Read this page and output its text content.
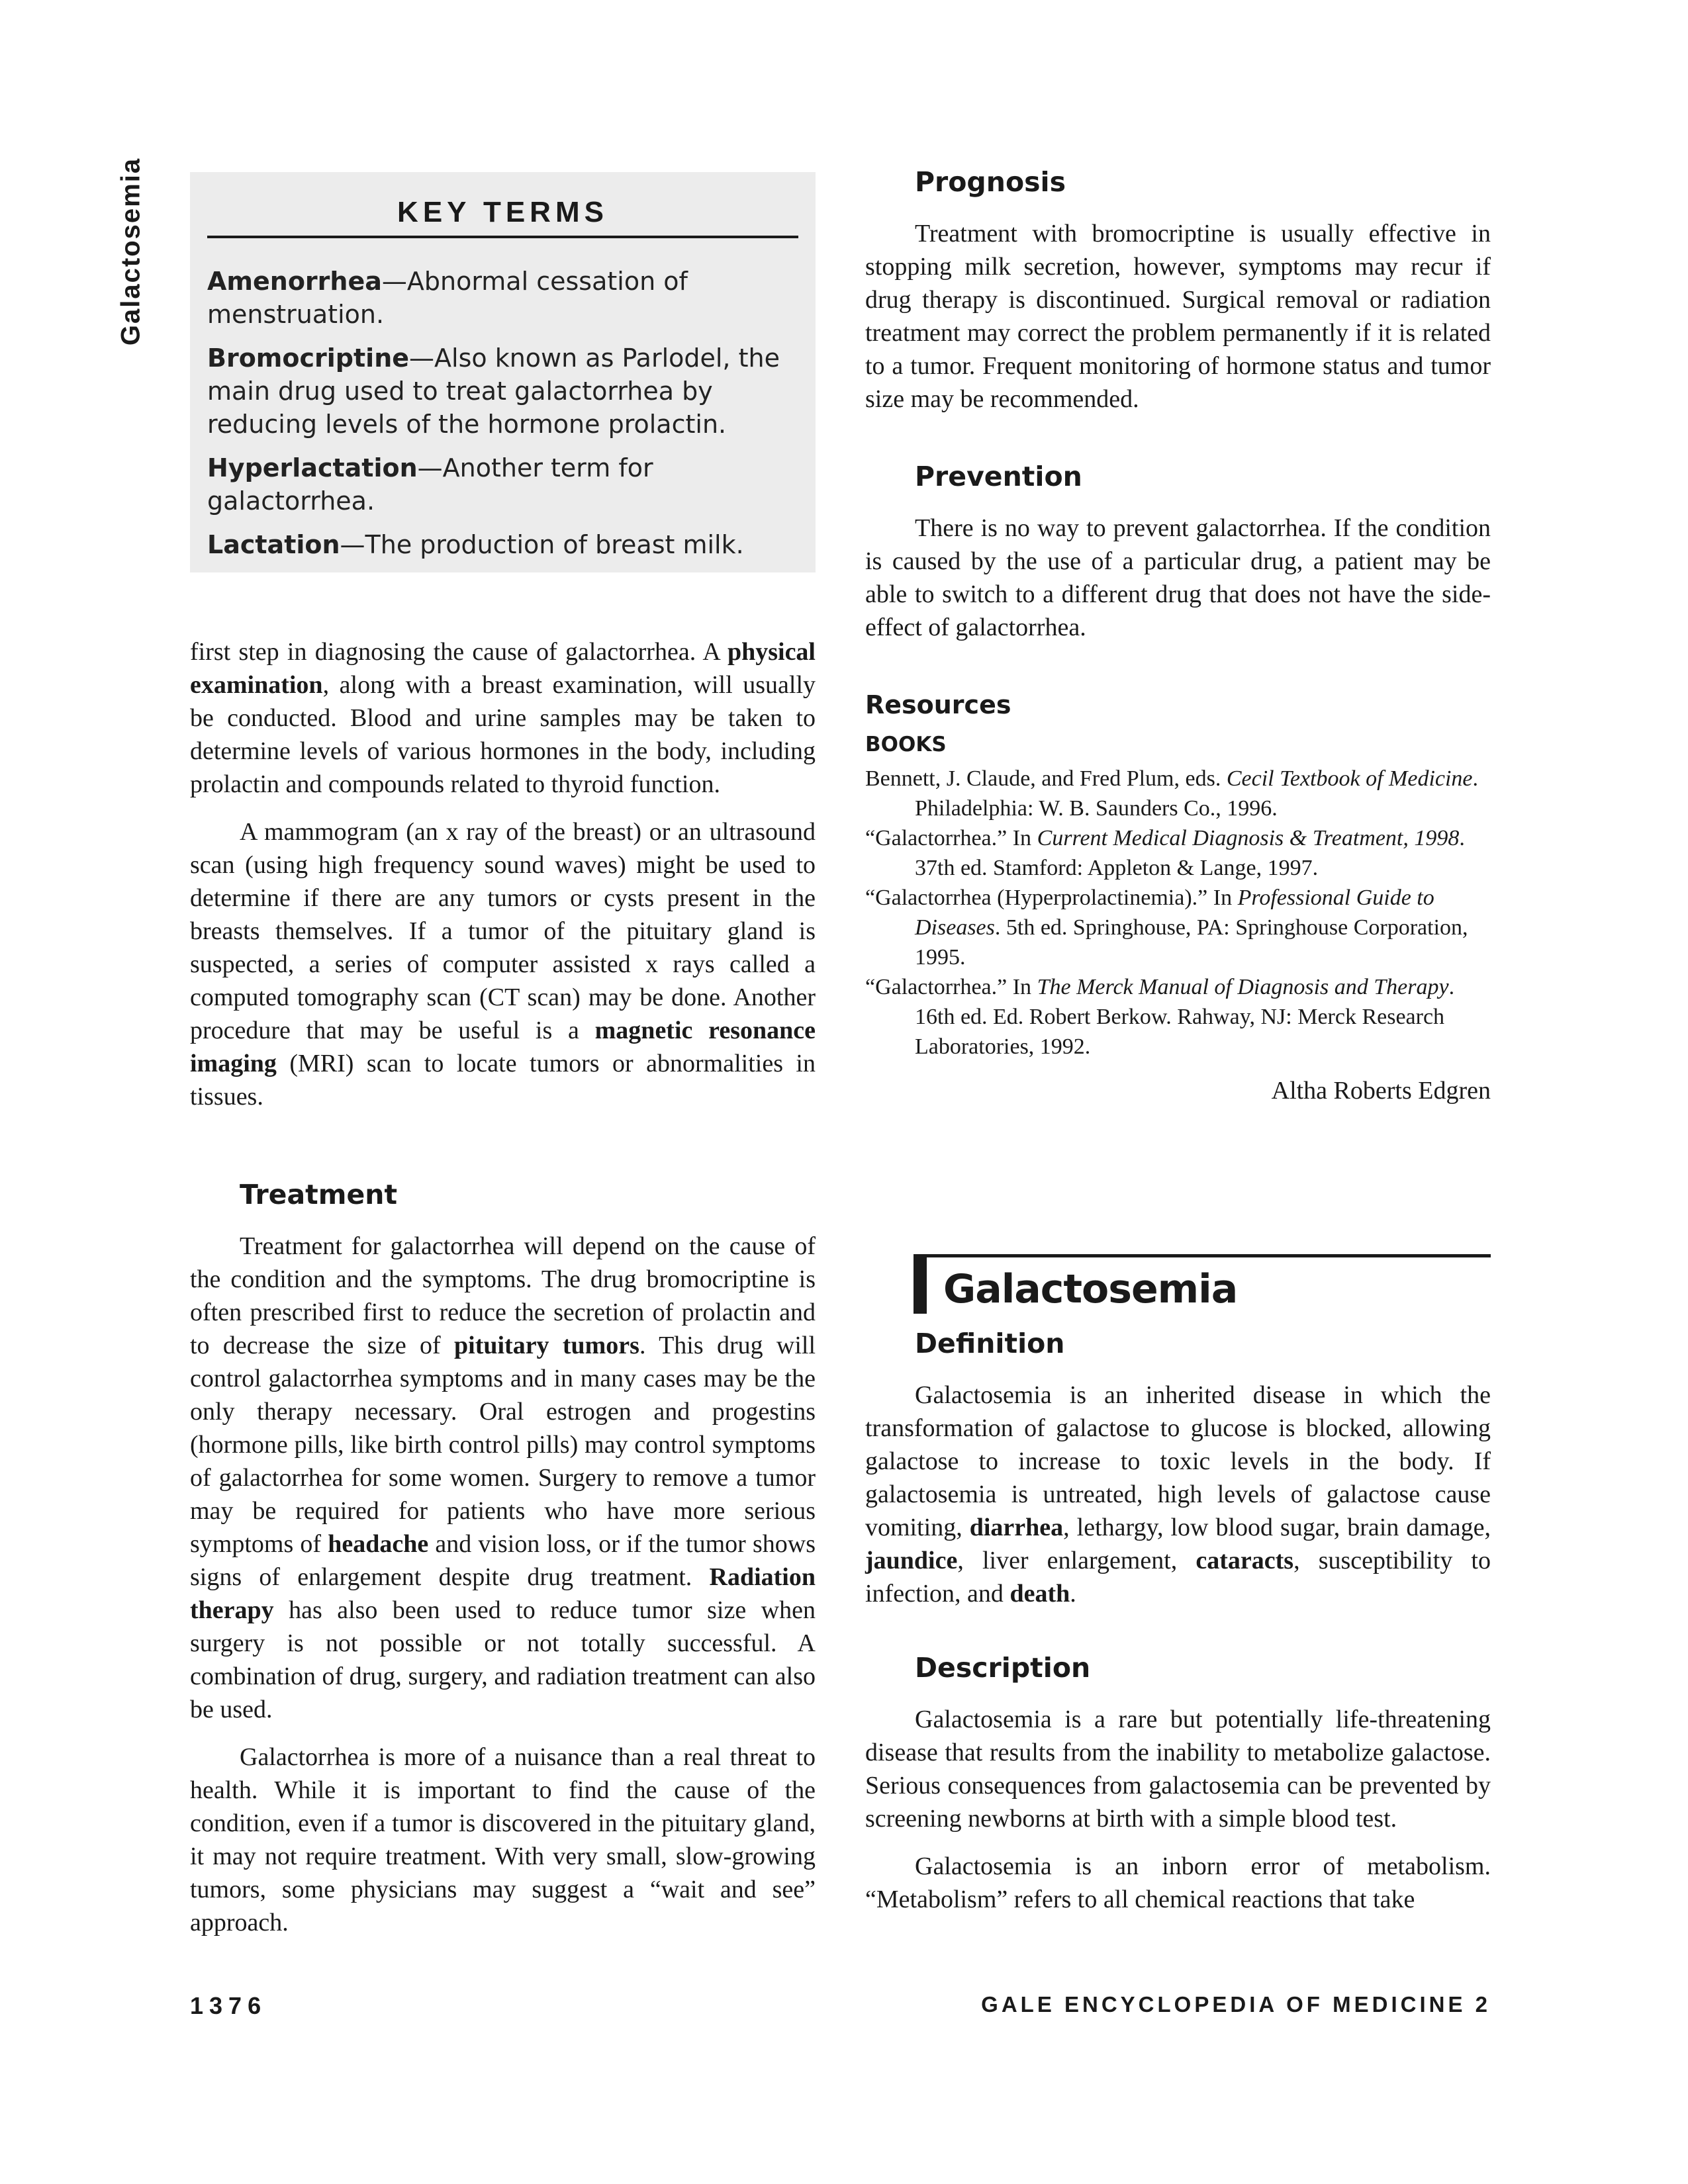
Galactosemia	KEY TERMS

Amenorrhea—Abnormal cessation of menstruation.

Bromocriptine—Also known as Parlodel, the main drug used to treat galactorrhea by reducing levels of the hormone prolactin.

Hyperlactation—Another term for galactorrhea.

Lactation—The production of breast milk.

first step in diagnosing the cause of galactorrhea. A physical examination, along with a breast examination, will usually be conducted. Blood and urine samples may be taken to determine levels of various hormones in the body, including prolactin and compounds related to thyroid function.

A mammogram (an x ray of the breast) or an ultrasound scan (using high frequency sound waves) might be used to determine if there are any tumors or cysts present in the breasts themselves. If a tumor of the pituitary gland is suspected, a series of computer assisted x rays called a computed tomography scan (CT scan) may be done. Another procedure that may be useful is a magnetic resonance imaging (MRI) scan to locate tumors or abnormalities in tissues.

Treatment

Treatment for galactorrhea will depend on the cause of the condition and the symptoms. The drug bromocriptine is often prescribed first to reduce the secretion of prolactin and to decrease the size of pituitary tumors. This drug will control galactorrhea symptoms and in many cases may be the only therapy necessary. Oral estrogen and progestins (hormone pills, like birth control pills) may control symptoms of galactorrhea for some women. Surgery to remove a tumor may be required for patients who have more serious symptoms of headache and vision loss, or if the tumor shows signs of enlargement despite drug treatment. Radiation therapy has also been used to reduce tumor size when surgery is not possible or not totally successful. A combination of drug, surgery, and radiation treatment can also be used.

Galactorrhea is more of a nuisance than a real threat to health. While it is important to find the cause of the condition, even if a tumor is discovered in the pituitary gland, it may not require treatment. With very small, slow-growing tumors, some physicians may suggest a “wait and see” approach.

Prognosis

Treatment with bromocriptine is usually effective in stopping milk secretion, however, symptoms may recur if drug therapy is discontinued. Surgical removal or radiation treatment may correct the problem permanently if it is related to a tumor. Frequent monitoring of hormone status and tumor size may be recommended.

Prevention

There is no way to prevent galactorrhea. If the condition is caused by the use of a particular drug, a patient may be able to switch to a different drug that does not have the side-effect of galactorrhea.

Resources
BOOKS

Bennett, J. Claude, and Fred Plum, eds. Cecil Textbook of Medicine. Philadelphia: W. B. Saunders Co., 1996.

“Galactorrhea.” In Current Medical Diagnosis & Treatment, 1998. 37th ed. Stamford: Appleton & Lange, 1997.

“Galactorrhea (Hyperprolactinemia).” In Professional Guide to Diseases. 5th ed. Springhouse, PA: Springhouse Corporation, 1995.

“Galactorrhea.” In The Merck Manual of Diagnosis and Therapy. 16th ed. Ed. Robert Berkow. Rahway, NJ: Merck Research Laboratories, 1992.

Altha Roberts Edgren
Galactosemia
Definition

Galactosemia is an inherited disease in which the transformation of galactose to glucose is blocked, allowing galactose to increase to toxic levels in the body. If galactosemia is untreated, high levels of galactose cause vomiting, diarrhea, lethargy, low blood sugar, brain damage, jaundice, liver enlargement, cataracts, susceptibility to infection, and death.

Description

Galactosemia is a rare but potentially life-threatening disease that results from the inability to metabolize galactose. Serious consequences from galactosemia can be prevented by screening newborns at birth with a simple blood test.

Galactosemia is an inborn error of metabolism. “Metabolism” refers to all chemical reactions that take

1376	GALE ENCYCLOPEDIA OF MEDICINE 2
